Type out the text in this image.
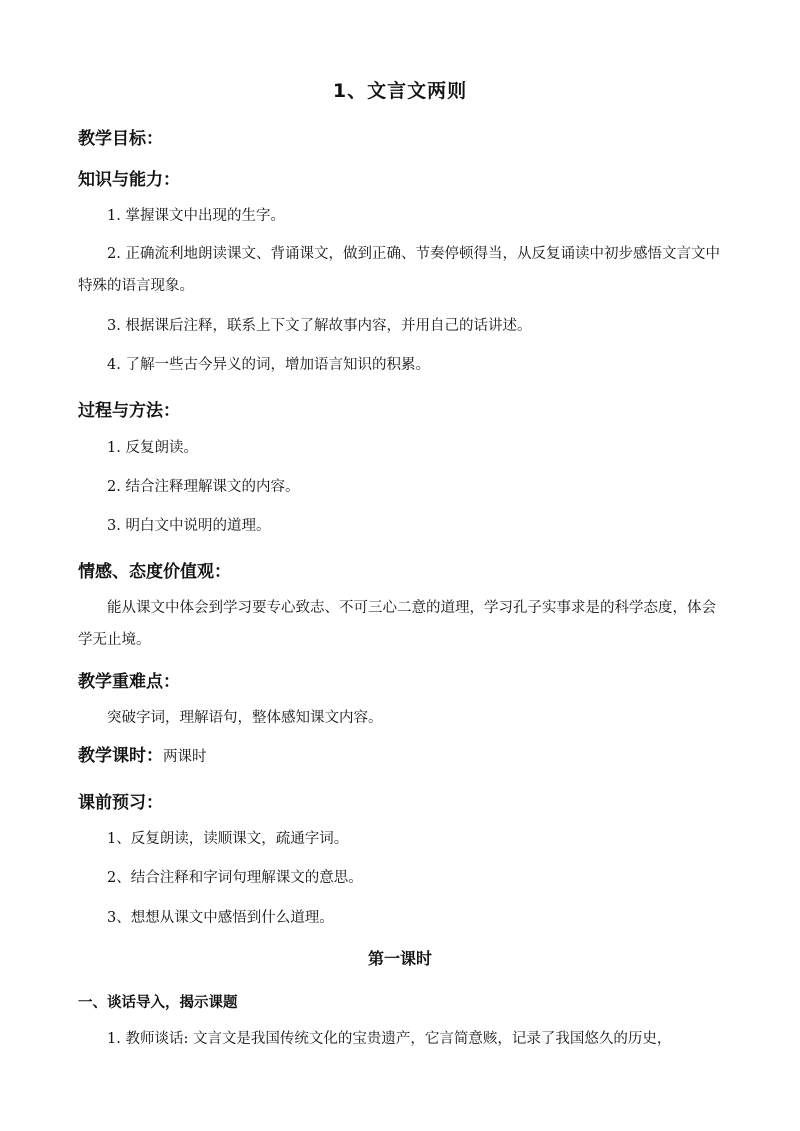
1、文言文两则
教学目标：
知识与能力：
1. 掌握课文中出现的生字。
2. 正确流利地朗读课文、背诵课文，做到正确、节奏停顿得当，从反复诵读中初步感悟文言文中特殊的语言现象。
3. 根据课后注释，联系上下文了解故事内容，并用自己的话讲述。
4. 了解一些古今异义的词，增加语言知识的积累。
过程与方法：
1. 反复朗读。
2. 结合注释理解课文的内容。
3. 明白文中说明的道理。
情感、态度价值观：
能从课文中体会到学习要专心致志、不可三心二意的道理，学习孔子实事求是的科学态度，体会学无止境。
教学重难点：
突破字词，理解语句，整体感知课文内容。
教学课时：两课时
课前预习：
1、反复朗读，读顺课文，疏通字词。
2、结合注释和字词句理解课文的意思。
3、想想从课文中感悟到什么道理。
第一课时
一、谈话导入，揭示课题
1. 教师谈话: 文言文是我国传统文化的宝贵遗产，它言简意赅，记录了我国悠久的历史，
